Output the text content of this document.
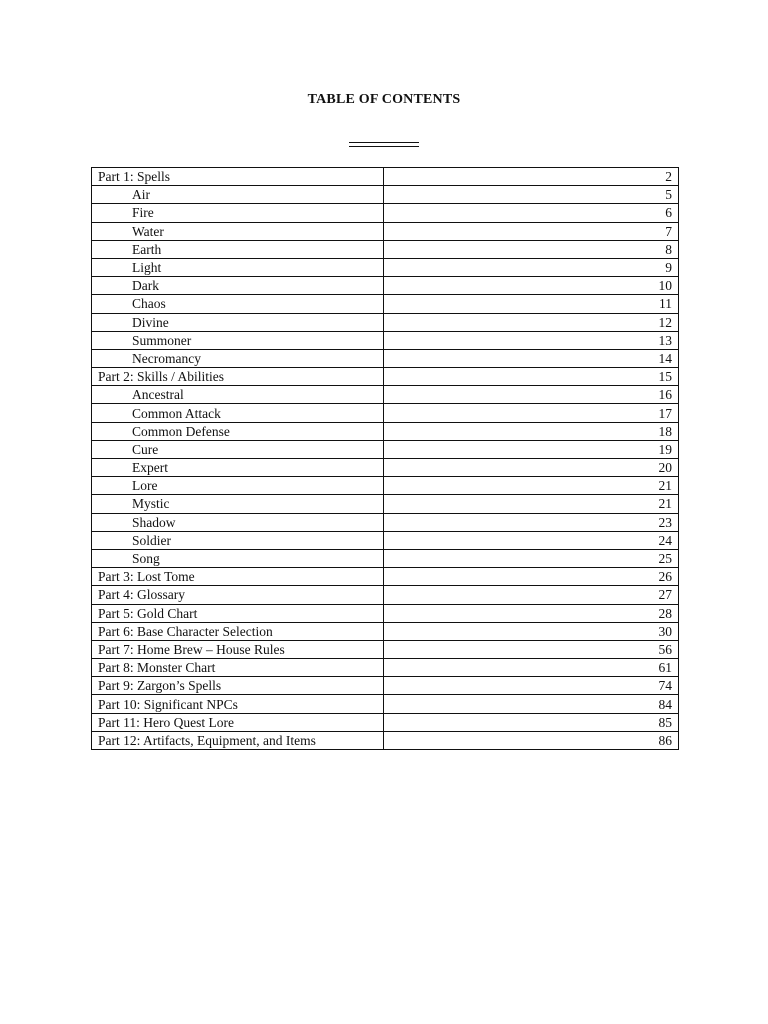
TABLE OF CONTENTS
Part 1: Spells	2
Air	5
Fire	6
Water	7
Earth	8
Light	9
Dark	10
Chaos	11
Divine	12
Summoner	13
Necromancy	14
Part 2: Skills / Abilities	15
Ancestral	16
Common Attack	17
Common Defense	18
Cure	19
Expert	20
Lore	21
Mystic	21
Shadow	23
Soldier	24
Song	25
Part 3: Lost Tome	26
Part 4: Glossary	27
Part 5: Gold Chart	28
Part 6: Base Character Selection	30
Part 7: Home Brew – House Rules	56
Part 8: Monster Chart	61
Part 9: Zargon’s Spells	74
Part 10: Significant NPCs	84
Part 11: Hero Quest Lore	85
Part 12: Artifacts, Equipment, and Items	86
